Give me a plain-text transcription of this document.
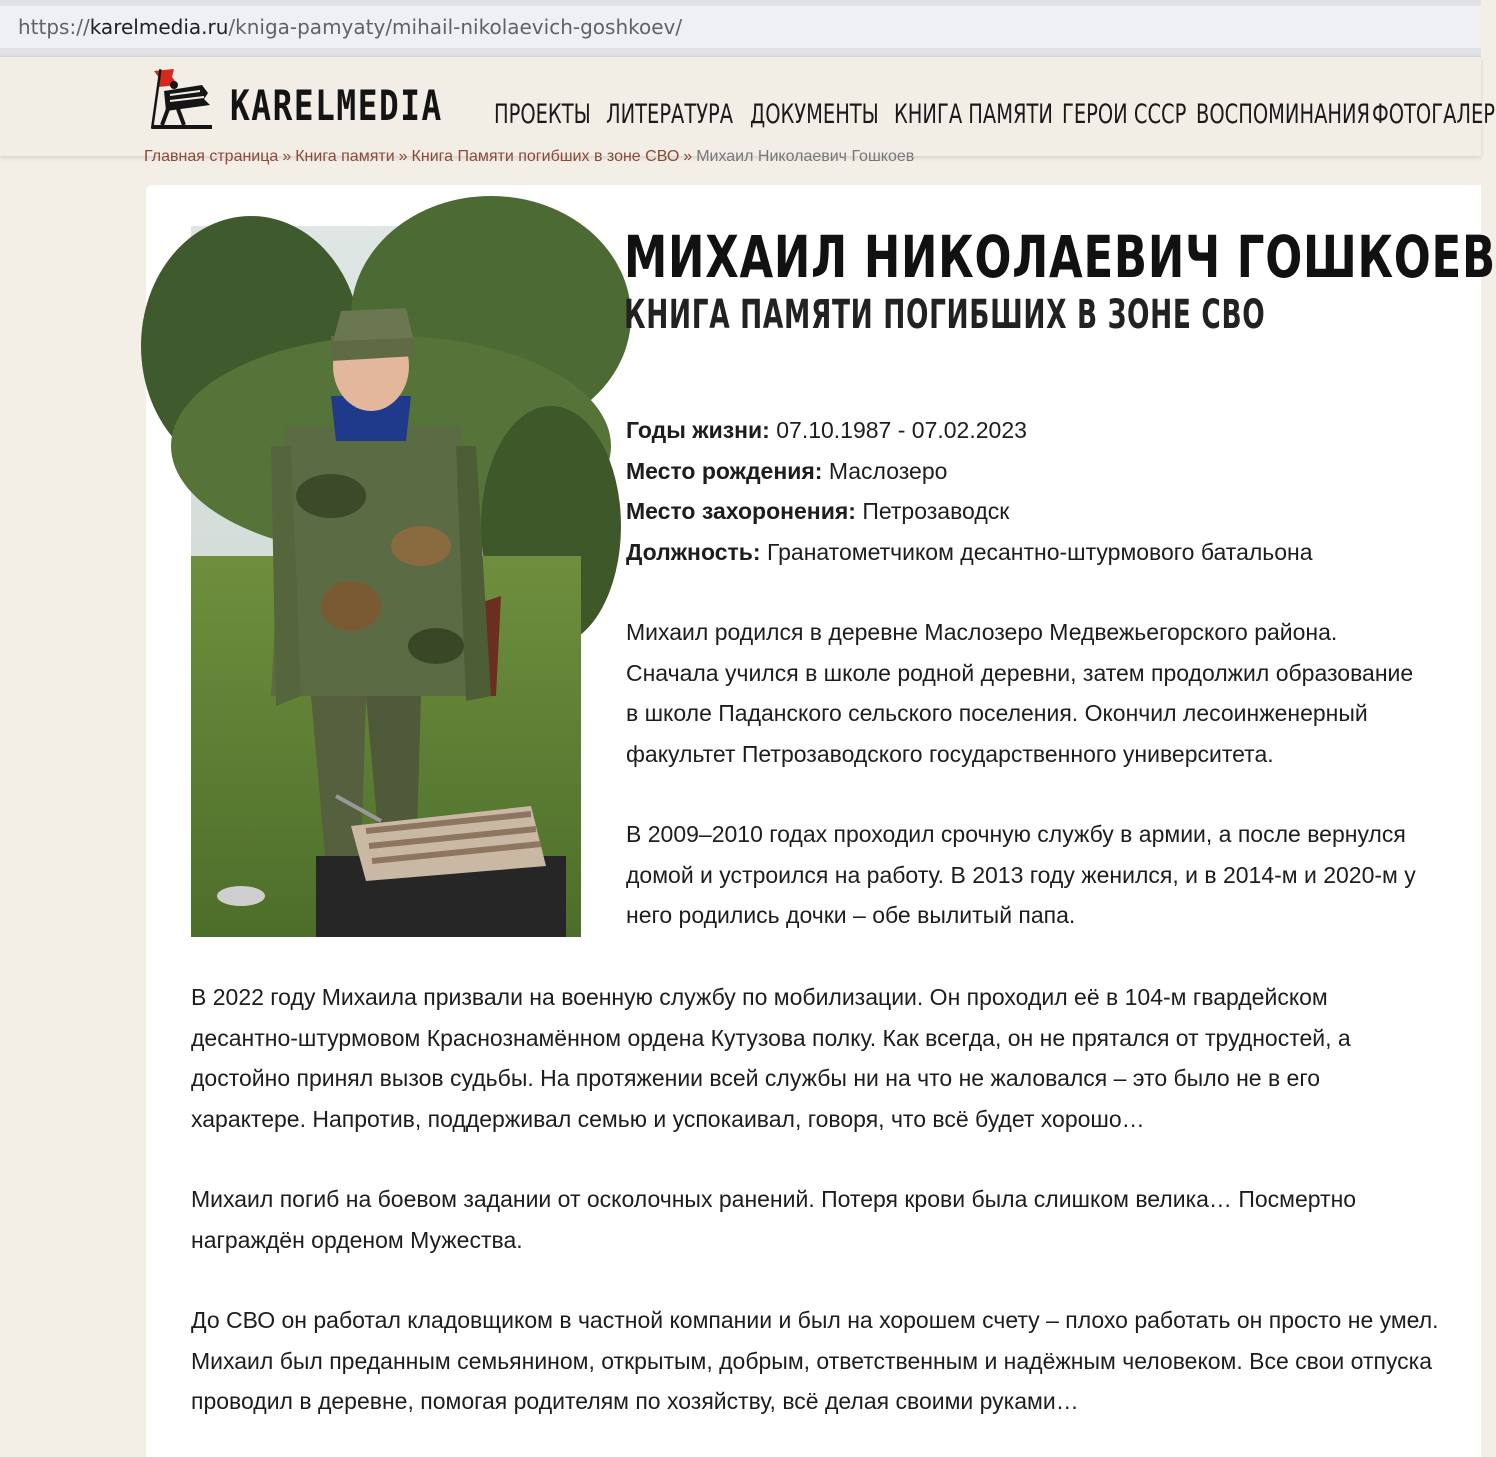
https://karelmedia.ru/kniga-pamyaty/mihail-nikolaevich-goshkoev/
KARELMEDIA ПРОЕКТЫ ЛИТЕРАТУРА ДОКУМЕНТЫ КНИГА ПАМЯТИ ГЕРОИ СССР ВОСПОМИНАНИЯ ФОТОГАЛЕР
Главная страница » Книга памяти » Книга Памяти погибших в зоне СВО » Михаил Николаевич Гошкоев
МИХАИЛ НИКОЛАЕВИЧ ГОШКОЕВ
КНИГА ПАМЯТИ ПОГИБШИХ В ЗОНЕ СВО
Годы жизни: 07.10.1987 - 07.02.2023
Место рождения: Маслозеро
Место захоронения: Петрозаводск
Должность: Гранатометчиком десантно-штурмового батальона

Михаил родился в деревне Маслозеро Медвежьегорского района. Сначала учился в школе родной деревни, затем продолжил образование в школе Паданского сельского поселения. Окончил лесоинженерный факультет Петрозаводского государственного университета.

В 2009–2010 годах проходил срочную службу в армии, а после вернулся домой и устроился на работу. В 2013 году женился, и в 2014-м и 2020-м у него родились дочки – обе вылитый папа.

В 2022 году Михаила призвали на военную службу по мобилизации. Он проходил её в 104-м гвардейском десантно-штурмовом Краснознамённом ордена Кутузова полку. Как всегда, он не прятался от трудностей, а достойно принял вызов судьбы. На протяжении всей службы ни на что не жаловался – это было не в его характере. Напротив, поддерживал семью и успокаивал, говоря, что всё будет хорошо…

Михаил погиб на боевом задании от осколочных ранений. Потеря крови была слишком велика… Посмертно награждён орденом Мужества.

До СВО он работал кладовщиком в частной компании и был на хорошем счету – плохо работать он просто не умел. Михаил был преданным семьянином, открытым, добрым, ответственным и надёжным человеком. Все свои отпуска проводил в деревне, помогая родителям по хозяйству, всё делая своими руками…
